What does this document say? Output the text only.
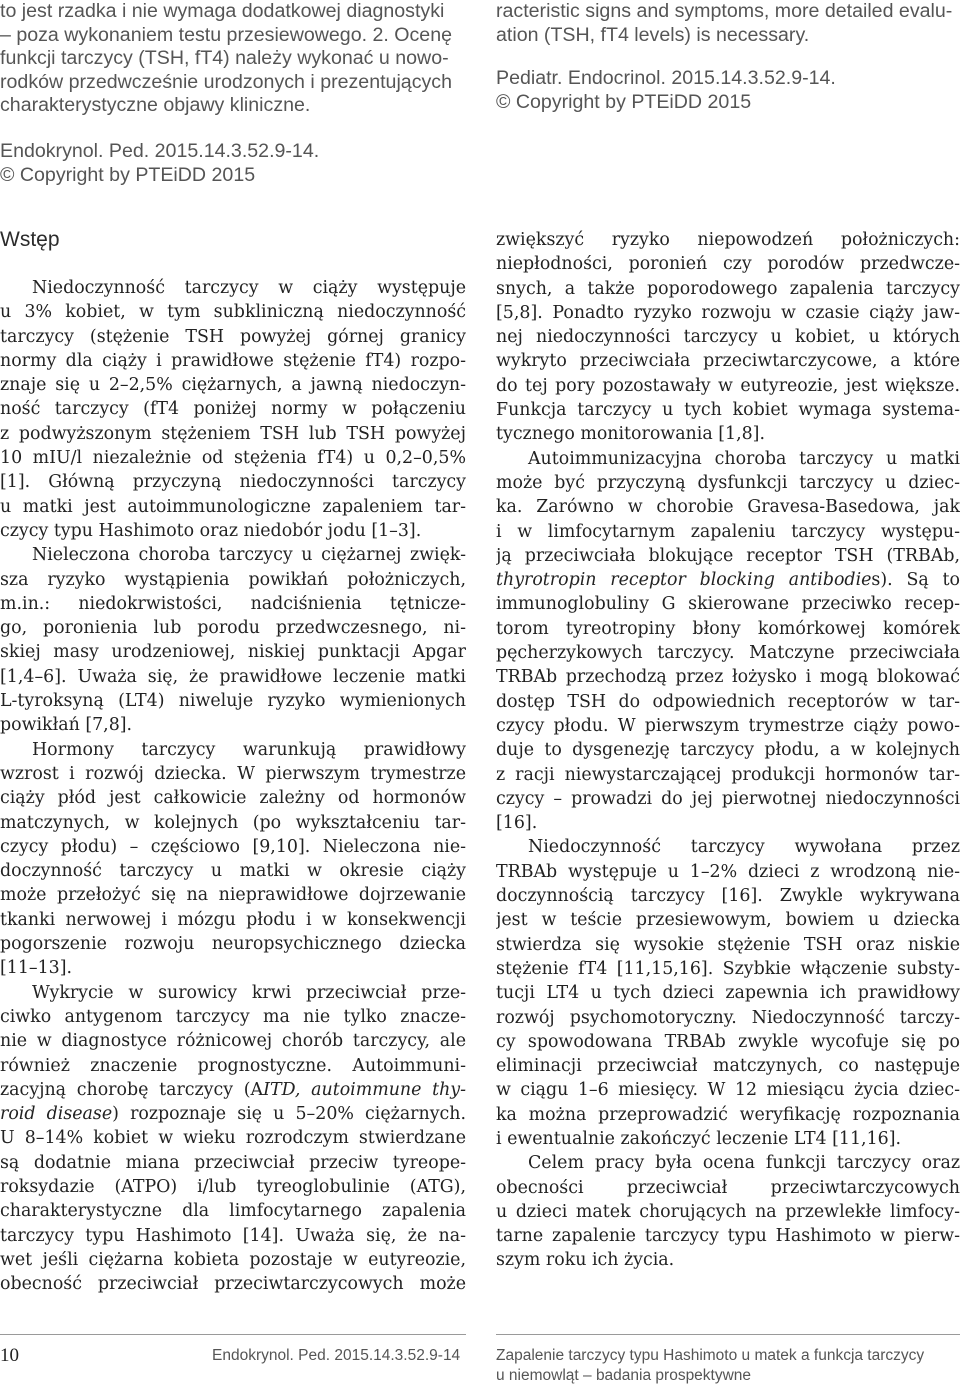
to jest rzadka i nie wymaga dodatkowej diagnostyki
– poza wykonaniem testu przesiewowego. 2. Ocenę
funkcji tarczycy (TSH, fT4) należy wykonać u nowo-
rodków przedwcześnie urodzonych i prezentujących
charakterystyczne objawy kliniczne.
Endokrynol. Ped. 2015.14.3.52.9-14.
© Copyright by PTEiDD 2015
racteristic signs and symptoms, more detailed evalu-
ation (TSH, fT4 levels) is necessary.
Pediatr. Endocrinol. 2015.14.3.52.9-14.
© Copyright by PTEiDD 2015
Wstęp
Niedoczynność tarczycy w ciąży występuje
u 3% kobiet, w tym subkliniczną niedoczynność
tarczycy (stężenie TSH powyżej górnej granicy
normy dla ciąży i prawidłowe stężenie fT4) rozpo-
znaje się u 2–2,5% ciężarnych, a jawną niedoczyn-
ność tarczycy (fT4 poniżej normy w połączeniu
z podwyższonym stężeniem TSH lub TSH powyżej
10 mIU/l niezależnie od stężenia fT4) u 0,2–0,5%
[1]. Główną przyczyną niedoczynności tarczycy
u matki jest autoimmunologiczne zapaleniem tar-
czycy typu Hashimoto oraz niedobór jodu [1–3].
Nieleczona choroba tarczycy u ciężarnej zwięk-
sza ryzyko wystąpienia powikłań położniczych,
m.in.: niedokrwistości, nadciśnienia tętnicze-
go, poronienia lub porodu przedwczesnego, ni-
skiej masy urodzeniowej, niskiej punktacji Apgar
[1,4–6]. Uważa się, że prawidłowe leczenie matki
L-tyroksyną (LT4) niweluje ryzyko wymienionych
powikłań [7,8].
Hormony tarczycy warunkują prawidłowy
wzrost i rozwój dziecka. W pierwszym trymestrze
ciąży płód jest całkowicie zależny od hormonów
matczynych, w kolejnych (po wykształceniu tar-
czycy płodu) – częściowo [9,10]. Nieleczona nie-
doczynność tarczycy u matki w okresie ciąży
może przełożyć się na nieprawidłowe dojrzewanie
tkanki nerwowej i mózgu płodu i w konsekwencji
pogorszenie rozwoju neuropsychicznego dziecka
[11–13].
Wykrycie w surowicy krwi przeciwciał prze-
ciwko antygenom tarczycy ma nie tylko znacze-
nie w diagnostyce różnicowej chorób tarczycy, ale
również znaczenie prognostyczne. Autoimmuni-
zacyjną chorobę tarczycy (AITD, autoimmune thy-
roid disease) rozpoznaje się u 5–20% ciężarnych.
U 8–14% kobiet w wieku rozrodczym stwierdzane
są dodatnie miana przeciwciał przeciw tyreope-
roksydazie (ATPO) i/lub tyreoglobulinie (ATG),
charakterystyczne dla limfocytarnego zapalenia
tarczycy typu Hashimoto [14]. Uważa się, że na-
wet jeśli ciężarna kobieta pozostaje w eutyreozie,
obecność przeciwciał przeciwtarczycowych może
zwiększyć ryzyko niepowodzeń położniczych:
niepłodności, poronień czy porodów przedwcze-
snych, a także poporodowego zapalenia tarczycy
[5,8]. Ponadto ryzyko rozwoju w czasie ciąży jaw-
nej niedoczynności tarczycy u kobiet, u których
wykryto przeciwciała przeciwtarczycowe, a które
do tej pory pozostawały w eutyreozie, jest większe.
Funkcja tarczycy u tych kobiet wymaga systema-
tycznego monitorowania [1,8].
Autoimmunizacyjna choroba tarczycy u matki
może być przyczyną dysfunkcji tarczycy u dziec-
ka. Zarówno w chorobie Gravesa-Basedowa, jak
i w limfocytarnym zapaleniu tarczycy występu-
ją przeciwciała blokujące receptor TSH (TRBAb,
thyrotropin receptor blocking antibodies). Są to
immunoglobuliny G skierowane przeciwko recep-
torom tyreotropiny błony komórkowej komórek
pęcherzykowych tarczycy. Matczyne przeciwciała
TRBAb przechodzą przez łożysko i mogą blokować
dostęp TSH do odpowiednich receptorów w tar-
czycy płodu. W pierwszym trymestrze ciąży powo-
duje to dysgenezję tarczycy płodu, a w kolejnych
z racji niewystarczającej produkcji hormonów tar-
czycy – prowadzi do jej pierwotnej niedoczynności
[16].
Niedoczynność tarczycy wywołana przez
TRBAb występuje u 1–2% dzieci z wrodzoną nie-
doczynnością tarczycy [16]. Zwykle wykrywana
jest w teście przesiewowym, bowiem u dziecka
stwierdza się wysokie stężenie TSH oraz niskie
stężenie fT4 [11,15,16]. Szybkie włączenie substy-
tucji LT4 u tych dzieci zapewnia ich prawidłowy
rozwój psychomotoryczny. Niedoczynność tarczy-
cy spowodowana TRBAb zwykle wycofuje się po
eliminacji przeciwciał matczynych, co następuje
w ciągu 1–6 miesięcy. W 12 miesiącu życia dziec-
ka można przeprowadzić weryfikację rozpoznania
i ewentualnie zakończyć leczenie LT4 [11,16].
Celem pracy była ocena funkcji tarczycy oraz
obecności przeciwciał przeciwtarczycowych
u dzieci matek chorujących na przewlekłe limfocy-
tarne zapalenie tarczycy typu Hashimoto w pierw-
szym roku ich życia.
10	Endokrynol. Ped. 2015.14.3.52.9-14 Zapalenie tarczycy typu Hashimoto u matek a funkcja tarczycy
u niemowląt – badania prospektywne
